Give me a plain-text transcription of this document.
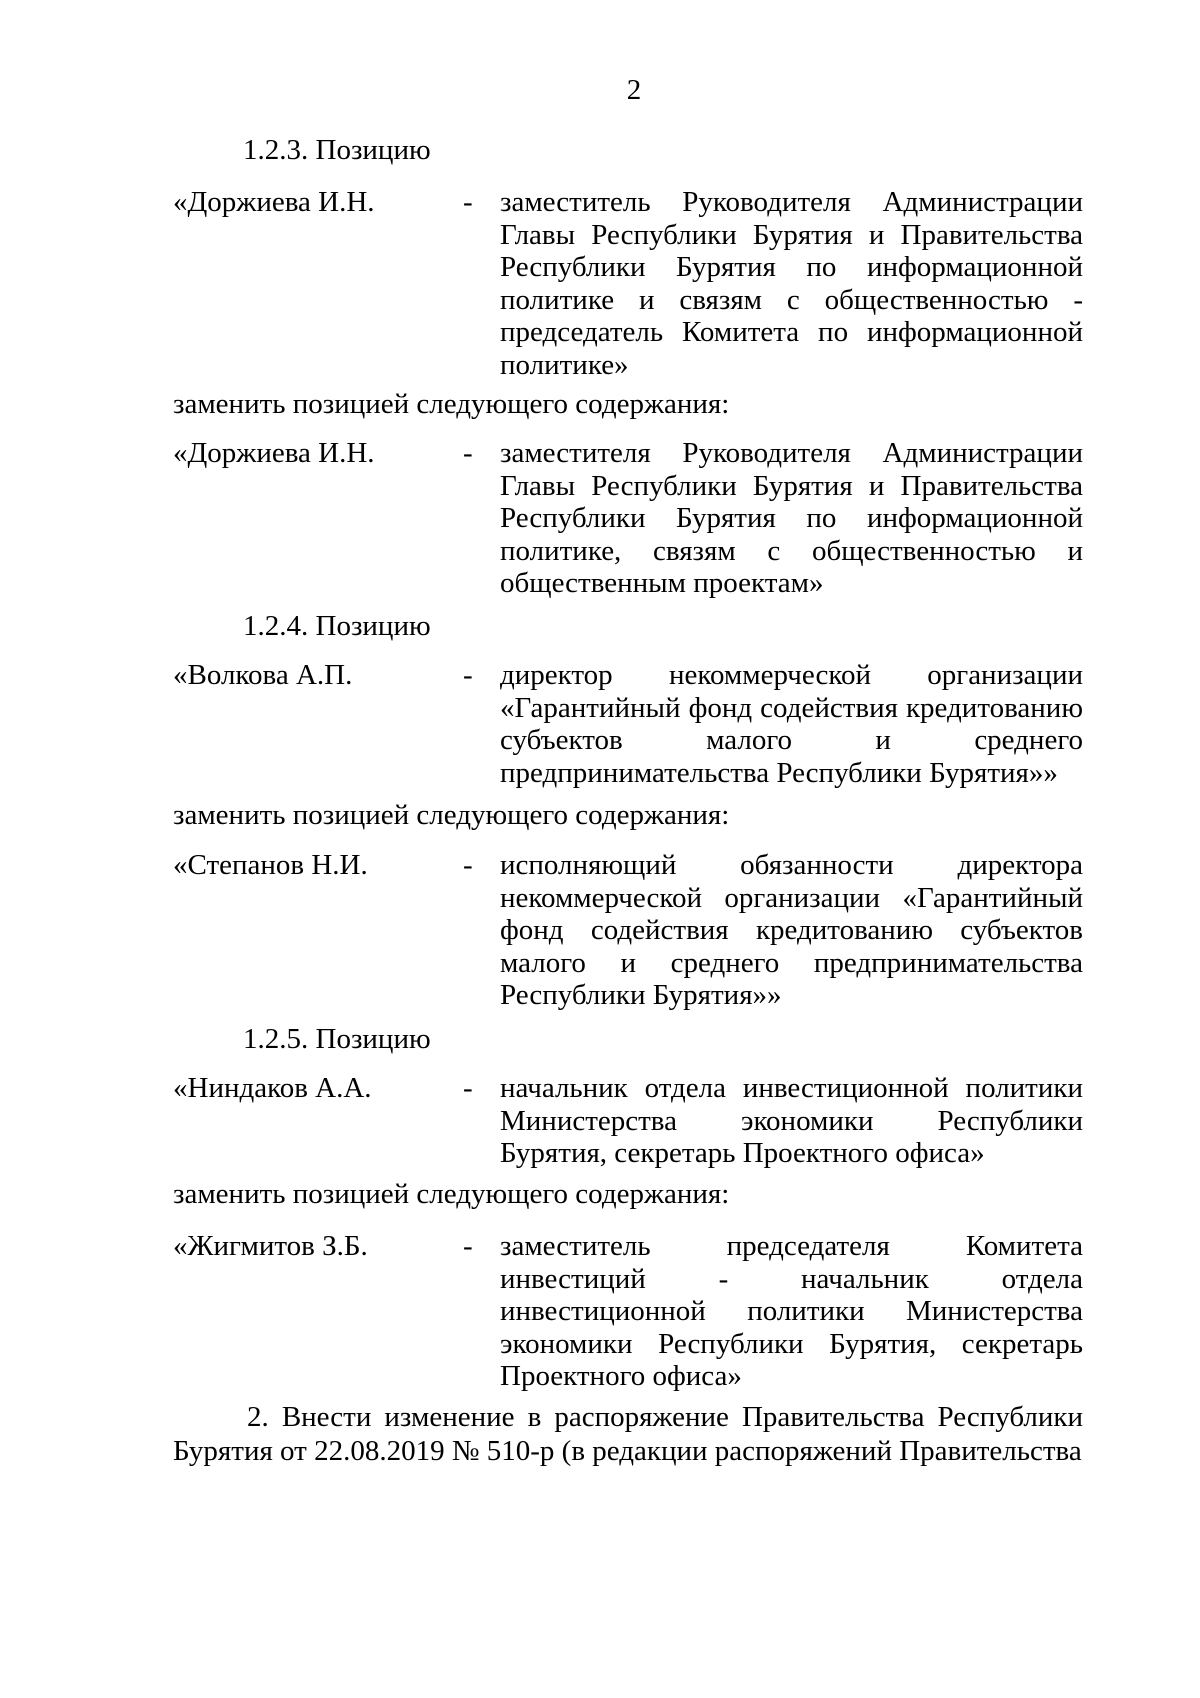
2

1.2.3. Позицию

«Доржиева И.Н.	- заместитель Руководителя Администрации Главы Республики Бурятия и Правительства Республики Бурятия по информационной политике и связям с общественностью - председатель Комитета по информационной политике»

заменить позицией следующего содержания:

«Доржиева И.Н.	- заместителя Руководителя Администрации Главы Республики Бурятия и Правительства Республики Бурятия по информационной политике, связям с общественностью и общественным проектам»

1.2.4. Позицию

«Волкова А.П.	- директор некоммерческой организации «Гарантийный фонд содействия кредитованию субъектов малого и среднего предпринимательства Республики Бурятия»»

заменить позицией следующего содержания:

«Степанов Н.И.	- исполняющий обязанности директора некоммерческой организации «Гарантийный фонд содействия кредитованию субъектов малого и среднего предпринимательства Республики Бурятия»»

1.2.5. Позицию

«Ниндаков А.А.	- начальник отдела инвестиционной политики Министерства экономики Республики Бурятия, секретарь Проектного офиса»

заменить позицией следующего содержания:

«Жигмитов З.Б.	- заместитель председателя Комитета инвестиций - начальник отдела инвестиционной политики Министерства экономики Республики Бурятия, секретарь Проектного офиса»

2. Внести изменение в распоряжение Правительства Республики Бурятия от 22.08.2019 № 510-р (в редакции распоряжений Правительства
